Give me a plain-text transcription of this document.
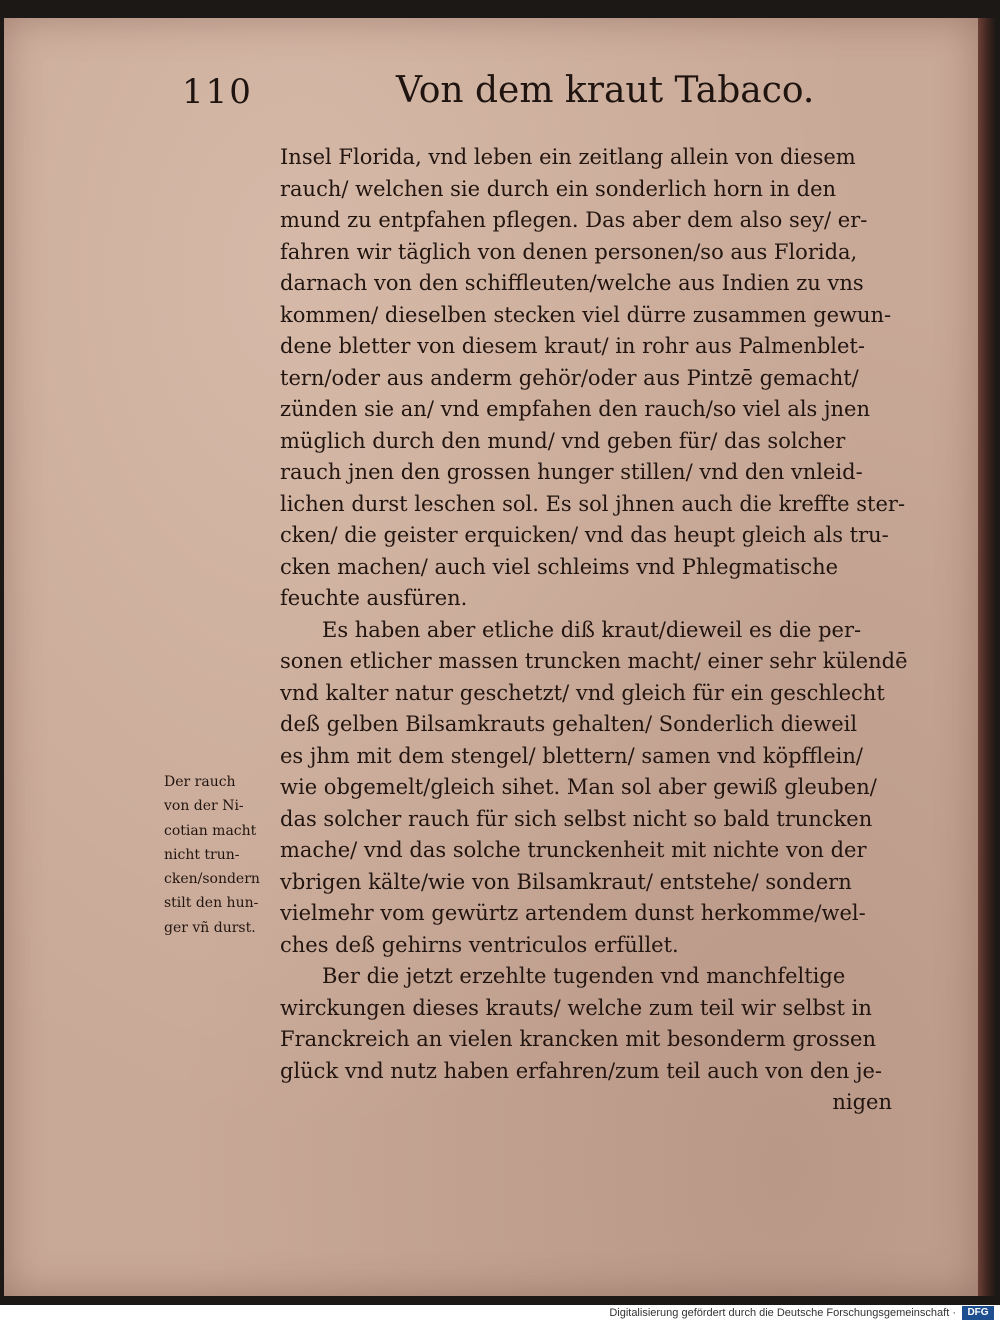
110	Von dem kraut Tabaco.
Insel Florida, vnd leben ein zeitlang allein von diesem
rauch/ welchen sie durch ein sonderlich horn in den
mund zu entpfahen pflegen. Das aber dem also sey/ er-
fahren wir täglich von denen personen/so aus Florida,
darnach von den schiffleuten/welche aus Indien zu vns
kommen/ dieselben stecken viel dürre zusammen gewun-
dene bletter von diesem kraut/ in rohr aus Palmenblet-
tern/oder aus anderm gehör/oder aus Pintzē gemacht/
zünden sie an/ vnd empfahen den rauch/so viel als jnen
müglich durch den mund/ vnd geben für/ das solcher
rauch jnen den grossen hunger stillen/ vnd den vnleid-
lichen durst leschen sol. Es sol jhnen auch die kreffte ster-
cken/ die geister erquicken/ vnd das heupt gleich als tru-
cken machen/ auch viel schleims vnd Phlegmatische
feuchte ausfüren.
Es haben aber etliche diß kraut/dieweil es die per-
sonen etlicher massen truncken macht/ einer sehr külendē
vnd kalter natur geschetzt/ vnd gleich für ein geschlecht
deß gelben Bilsamkrauts gehalten/ Sonderlich dieweil
es jhm mit dem stengel/ blettern/ samen vnd köpfflein/
wie obgemelt/gleich sihet. Man sol aber gewiß gleuben/
das solcher rauch für sich selbst nicht so bald truncken
mache/ vnd das solche trunckenheit mit nichte von der
vbrigen kälte/wie von Bilsamkraut/ entstehe/ sondern
vielmehr vom gewürtz artendem dunst herkomme/wel-
ches deß gehirns ventriculos erfüllet.
Ber die jetzt erzehlte tugenden vnd manchfeltige
wirckungen dieses krauts/ welche zum teil wir selbst in
Franckreich an vielen krancken mit besonderm grossen
glück vnd nutz haben erfahren/zum teil auch von den je-
nigen
Der rauch
von der Ni-
cotian macht
nicht trun-
cken/sondern
stilt den hun-
ger vñ durst.
Digitalisierung gefördert durch die Deutsche Forschungsgemeinschaft ·	DFG
